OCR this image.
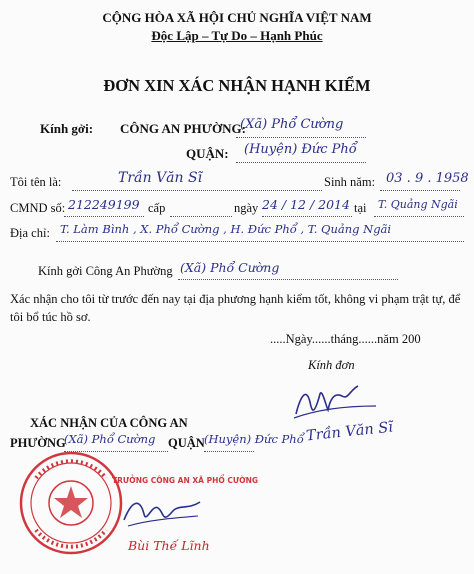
CỘNG HÒA XÃ HỘI CHỦ NGHĨA VIỆT NAM
Độc Lập – Tự Do – Hạnh Phúc
ĐƠN XIN XÁC NHẬN HẠNH KIỂM
Kính gởi: CÔNG AN PHƯỜNG:
(Xã) Phổ Cường
QUẬN: (Huyện) Đức Phổ
Tôi tên là:	Trần Văn Sĩ	Sinh năm: 03 . 9 . 1958
CMND số: 212249199 cấp	ngày 24 / 12 / 2014 tại T. Quảng Ngãi
Địa chỉ: T. Làm Bình , X. Phổ Cường , H. Đức Phổ , T. Quảng Ngãi
Kính gởi Công An Phường (Xã) Phổ Cường
Xác nhận cho tôi từ trước đến nay tại địa phương hạnh kiểm tốt, không vi phạm trật tự, để tôi bổ túc hồ sơ.
.....Ngày......tháng......năm 200
Kính đơn
Trần Văn Sĩ
XÁC NHẬN CỦA CÔNG AN
PHƯỜNG
(Xã) Phổ Cường QUẬN (Huyện) Đức Phổ
TRƯỞNG CÔNG AN XÃ PHỔ CƯỜNG
Bùi Thế Lĩnh
